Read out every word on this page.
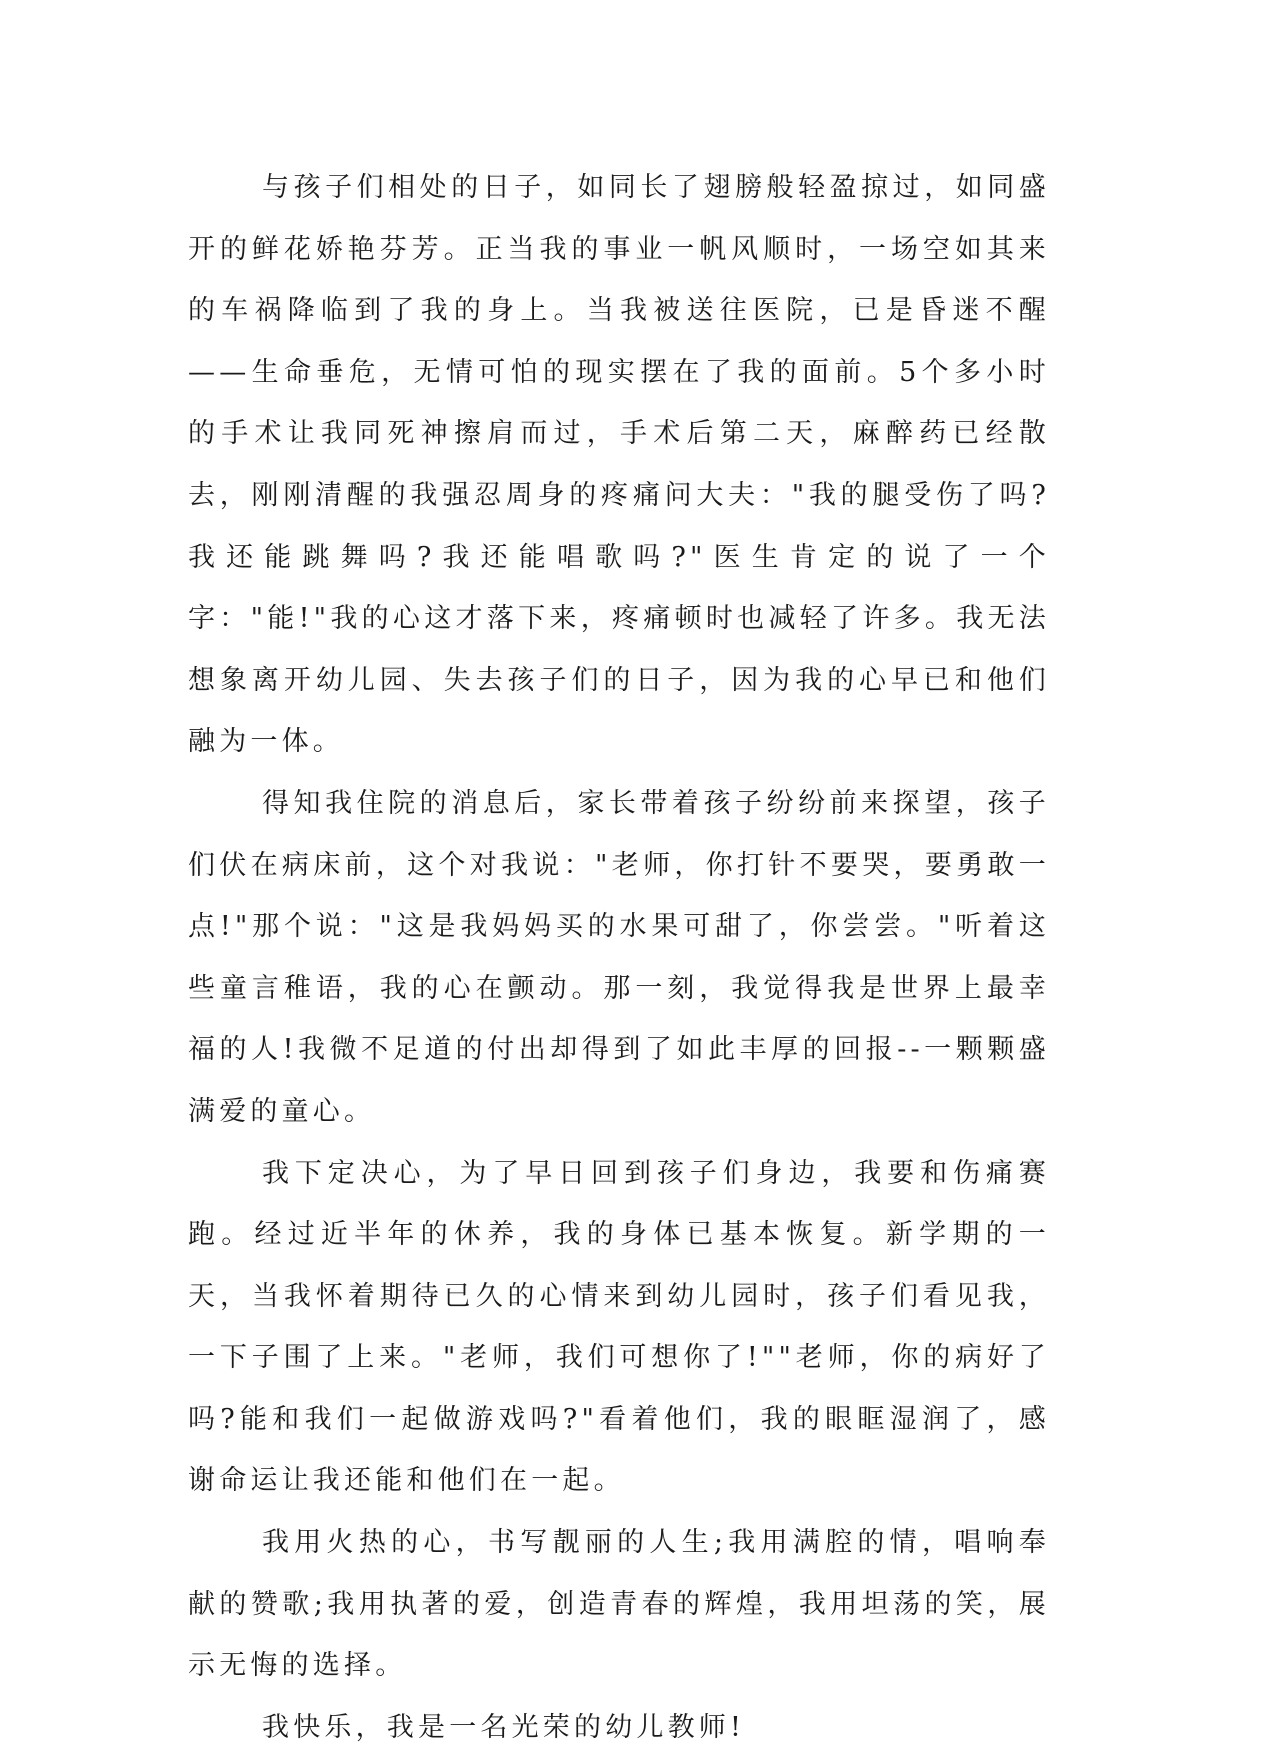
与孩子们相处的日子，如同长了翅膀般轻盈掠过，如同盛开的鲜花娇艳芬芳。正当我的事业一帆风顺时，一场空如其来的车祸降临到了我的身上。当我被送往医院，已是昏迷不醒——生命垂危，无情可怕的现实摆在了我的面前。5个多小时的手术让我同死神擦肩而过，手术后第二天，麻醉药已经散去，刚刚清醒的我强忍周身的疼痛问大夫："我的腿受伤了吗?我还能跳舞吗?我还能唱歌吗?"医生肯定的说了一个字："能!"我的心这才落下来，疼痛顿时也减轻了许多。我无法想象离开幼儿园、失去孩子们的日子，因为我的心早已和他们融为一体。

得知我住院的消息后，家长带着孩子纷纷前来探望，孩子们伏在病床前，这个对我说："老师，你打针不要哭，要勇敢一点!"那个说："这是我妈妈买的水果可甜了，你尝尝。"听着这些童言稚语，我的心在颤动。那一刻，我觉得我是世界上最幸福的人!我微不足道的付出却得到了如此丰厚的回报--一颗颗盛满爱的童心。

我下定决心，为了早日回到孩子们身边，我要和伤痛赛跑。经过近半年的休养，我的身体已基本恢复。新学期的一天，当我怀着期待已久的心情来到幼儿园时，孩子们看见我，一下子围了上来。"老师，我们可想你了!""老师，你的病好了吗?能和我们一起做游戏吗?"看着他们，我的眼眶湿润了，感谢命运让我还能和他们在一起。

我用火热的心，书写靓丽的人生;我用满腔的情，唱响奉献的赞歌;我用执著的爱，创造青春的辉煌，我用坦荡的笑，展示无悔的选择。

我快乐，我是一名光荣的幼儿教师!
